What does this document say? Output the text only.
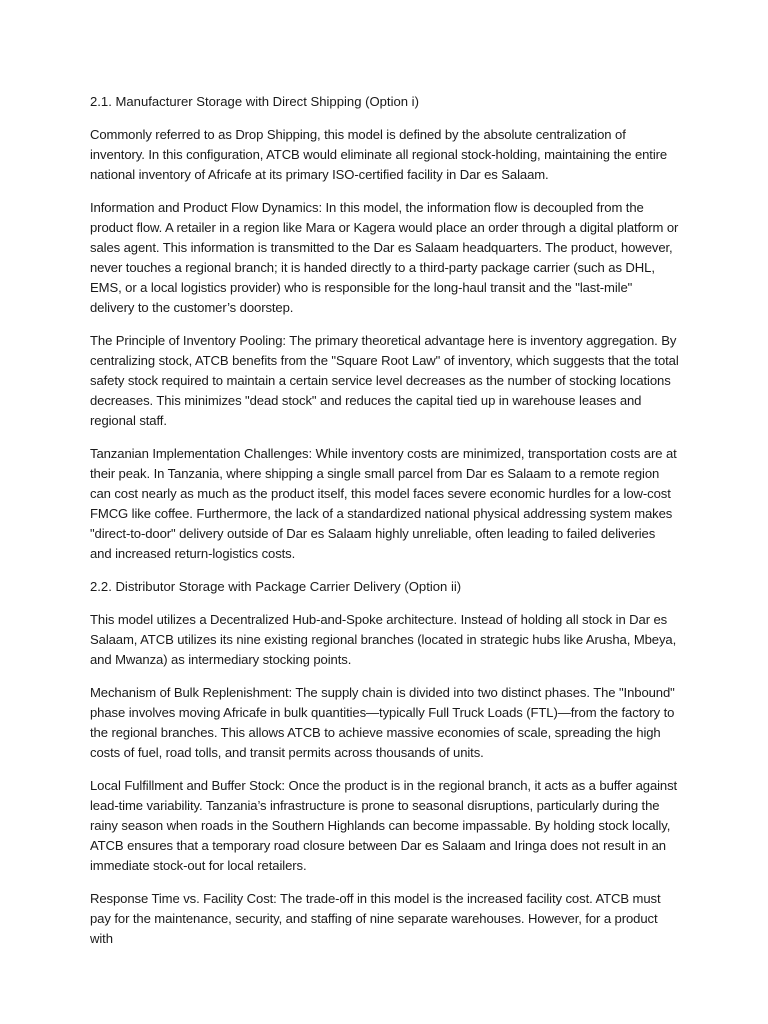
2.1. Manufacturer Storage with Direct Shipping (Option i)

Commonly referred to as Drop Shipping, this model is defined by the absolute centralization of inventory. In this configuration, ATCB would eliminate all regional stock-holding, maintaining the entire national inventory of Africafe at its primary ISO-certified facility in Dar es Salaam.

Information and Product Flow Dynamics: In this model, the information flow is decoupled from the product flow. A retailer in a region like Mara or Kagera would place an order through a digital platform or sales agent. This information is transmitted to the Dar es Salaam headquarters. The product, however, never touches a regional branch; it is handed directly to a third-party package carrier (such as DHL, EMS, or a local logistics provider) who is responsible for the long-haul transit and the "last-mile" delivery to the customer’s doorstep.

The Principle of Inventory Pooling: The primary theoretical advantage here is inventory aggregation. By centralizing stock, ATCB benefits from the "Square Root Law" of inventory, which suggests that the total safety stock required to maintain a certain service level decreases as the number of stocking locations decreases. This minimizes "dead stock" and reduces the capital tied up in warehouse leases and regional staff.

Tanzanian Implementation Challenges: While inventory costs are minimized, transportation costs are at their peak. In Tanzania, where shipping a single small parcel from Dar es Salaam to a remote region can cost nearly as much as the product itself, this model faces severe economic hurdles for a low-cost FMCG like coffee. Furthermore, the lack of a standardized national physical addressing system makes "direct-to-door" delivery outside of Dar es Salaam highly unreliable, often leading to failed deliveries and increased return-logistics costs.

2.2. Distributor Storage with Package Carrier Delivery (Option ii)

This model utilizes a Decentralized Hub-and-Spoke architecture. Instead of holding all stock in Dar es Salaam, ATCB utilizes its nine existing regional branches (located in strategic hubs like Arusha, Mbeya, and Mwanza) as intermediary stocking points.

Mechanism of Bulk Replenishment: The supply chain is divided into two distinct phases. The "Inbound" phase involves moving Africafe in bulk quantities—typically Full Truck Loads (FTL)—from the factory to the regional branches. This allows ATCB to achieve massive economies of scale, spreading the high costs of fuel, road tolls, and transit permits across thousands of units.

Local Fulfillment and Buffer Stock: Once the product is in the regional branch, it acts as a buffer against lead-time variability. Tanzania’s infrastructure is prone to seasonal disruptions, particularly during the rainy season when roads in the Southern Highlands can become impassable. By holding stock locally, ATCB ensures that a temporary road closure between Dar es Salaam and Iringa does not result in an immediate stock-out for local retailers.

Response Time vs. Facility Cost: The trade-off in this model is the increased facility cost. ATCB must pay for the maintenance, security, and staffing of nine separate warehouses. However, for a product with
